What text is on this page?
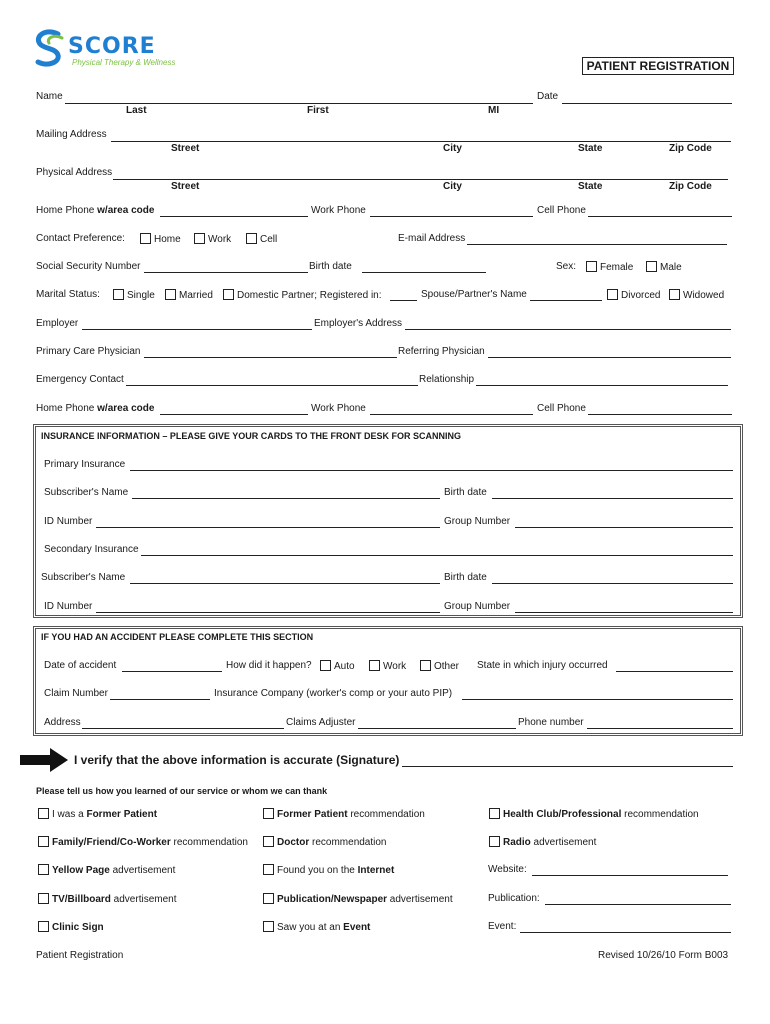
SCORE
Physical Therapy & Wellness	PATIENT REGISTRATION
Name	Date
Last	First	MI
Mailing Address
Street	City	State	Zip Code
Physical Address
Street	City	State	Zip Code
Home Phone w/area code	Work Phone	Cell Phone
Contact Preference:	Home	Work	Cell	E-mail Address
Social Security Number	Birth date	Sex:	Female	Male
Marital Status:	Single	Married	Domestic Partner; Registered in:	Spouse/Partner's Name	Divorced	Widowed
Employer	Employer's Address
Primary Care Physician	Referring Physician
Emergency Contact	Relationship
Home Phone w/area code	Work Phone	Cell Phone
INSURANCE INFORMATION – PLEASE GIVE YOUR CARDS TO THE FRONT DESK FOR SCANNING
Primary Insurance
Subscriber's Name	Birth date
ID Number	Group Number
Secondary Insurance
Subscriber's Name	Birth date
ID Number	Group Number
IF YOU HAD AN ACCIDENT PLEASE COMPLETE THIS SECTION
Date of accident	How did it happen?	Auto	Work	Other State in which injury occurred
Claim Number	Insurance Company (worker's comp or your auto PIP)
Address	Claims Adjuster	Phone number
I verify that the above information is accurate (Signature)
Please tell us how you learned of our service or whom we can thank
I was a Former Patient
Family/Friend/Co-Worker recommendation
Yellow Page advertisement
TV/Billboard advertisement
Clinic Sign
Former Patient recommendation
Doctor recommendation
Found you on the Internet
Publication/Newspaper advertisement
Saw you at an Event
Health Club/Professional recommendation
Radio advertisement
Website:
Publication:
Event:
Patient Registration	Revised 10/26/10 Form B003
